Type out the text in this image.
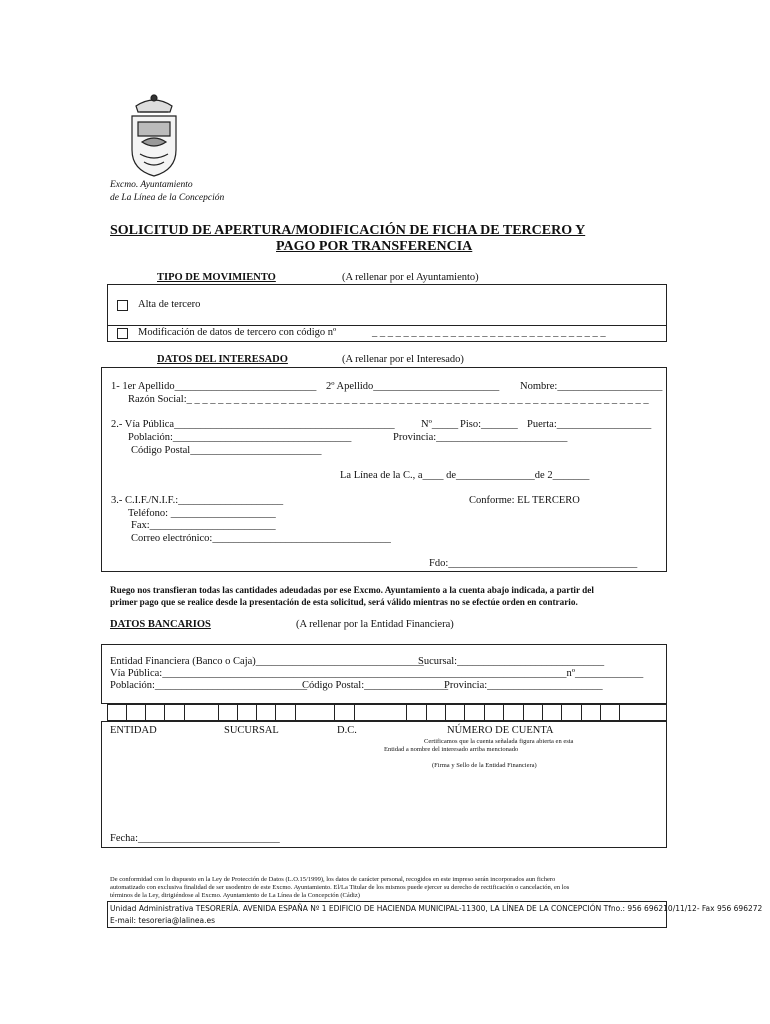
Excmo. Ayuntamiento
de La Línea de la Concepción
SOLICITUD DE APERTURA/MODIFICACIÓN DE FICHA DE TERCERO Y
PAGO POR TRANSFERENCIA
TIPO DE MOVIMIENTO	(A rellenar por el Ayuntamiento)
Alta de tercero
Modificación de datos de tercero con código nº	_ _ _ _ _ _ _ _ _ _ _ _ _ _ _ _ _ _ _ _ _ _ _ _ _ _ _ _ _ _
DATOS DEL INTERESADO	(A rellenar por el Interesado)
1- 1er Apellido___________________________ 2º Apellido________________________ Nombre:____________________
Razón Social:_ _ _ _ _ _ _ _ _ _ _ _ _ _ _ _ _ _ _ _ _ _ _ _ _ _ _ _ _ _ _ _ _ _ _ _ _ _ _ _ _ _ _ _ _ _ _ _ _ _ _ _ _ _ _ _ _ _ _
2.- Vía Pública__________________________________________	Nº_____ Piso:_______ Puerta:__________________
Población:__________________________________	Provincia:_________________________
Código Postal_________________________
La Línea de la C., a____ de_______________de 2_______
3.- C.I.F./N.I.F.:____________________
Teléfono: ____________________
Fax:________________________
Correo electrónico:__________________________________
Conforme: EL TERCERO
Fdo:____________________________________
Ruego nos transfieran todas las cantidades adeudadas por ese Excmo. Ayuntamiento a la cuenta abajo indicada, a partir del
primer pago que se realice desde la presentación de esta solicitud, será válido mientras no se efectúe orden en contrario.
DATOS BANCARIOS	(A rellenar por la Entidad Financiera)
Entidad Financiera (Banco o Caja)________________________________
Sucursal:____________________________
Vía Pública:_____________________________________________________________________________nº_____________
Población:_____________________________
Código Postal:________________
Provincia:______________________
ENTIDAD	SUCURSAL	D.C.	NÚMERO DE CUENTA
Certificamos que la cuenta señalada figura abierta en esta
Entidad a nombre del interesado arriba mencionado
(Firma y Sello de la Entidad Financiera)
Fecha:___________________________
De conformidad con lo dispuesto en la Ley de Protección de Datos (L.O.15/1999), los datos de carácter personal, recogidos en este impreso serán incorporados aun fichero
automatizado con exclusiva finalidad de ser usodentro de este Excmo. Ayuntamiento. El/La Titular de los mismos puede ejercer su derecho de rectificación o cancelación, en los
términos de la Ley, dirigiéndose al Excmo. Ayuntamiento de La Línea de la Concepción (Cádiz)
Unidad Administrativa TESORERÍA. AVENIDA ESPAÑA Nº 1 EDIFICIO DE HACIENDA MUNICIPAL-11300, LA LÍNEA DE LA CONCEPCIÓN Tfno.: 956 696210/11/12- Fax 956 696272
E-mail: tesoreria@lalinea.es
